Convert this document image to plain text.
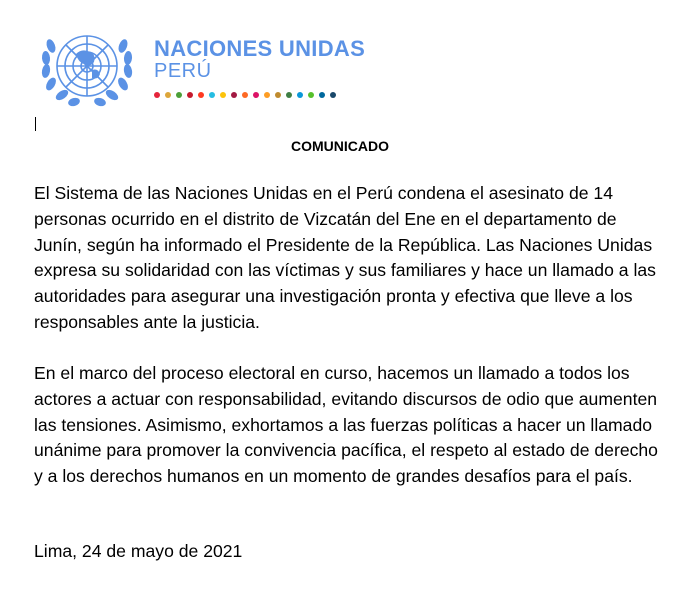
NACIONES UNIDAS
PERÚ
COMUNICADO

El Sistema de las Naciones Unidas en el Perú condena el asesinato de 14 personas ocurrido en el distrito de Vizcatán del Ene en el departamento de Junín, según ha informado el Presidente de la República. Las Naciones Unidas expresa su solidaridad con las víctimas y sus familiares y hace un llamado a las autoridades para asegurar una investigación pronta y efectiva que lleve a los responsables ante la justicia.

En el marco del proceso electoral en curso, hacemos un llamado a todos los actores a actuar con responsabilidad, evitando discursos de odio que aumenten las tensiones. Asimismo, exhortamos a las fuerzas políticas a hacer un llamado unánime para promover la convivencia pacífica, el respeto al estado de derecho y a los derechos humanos en un momento de grandes desafíos para el país.

Lima, 24 de mayo de 2021
